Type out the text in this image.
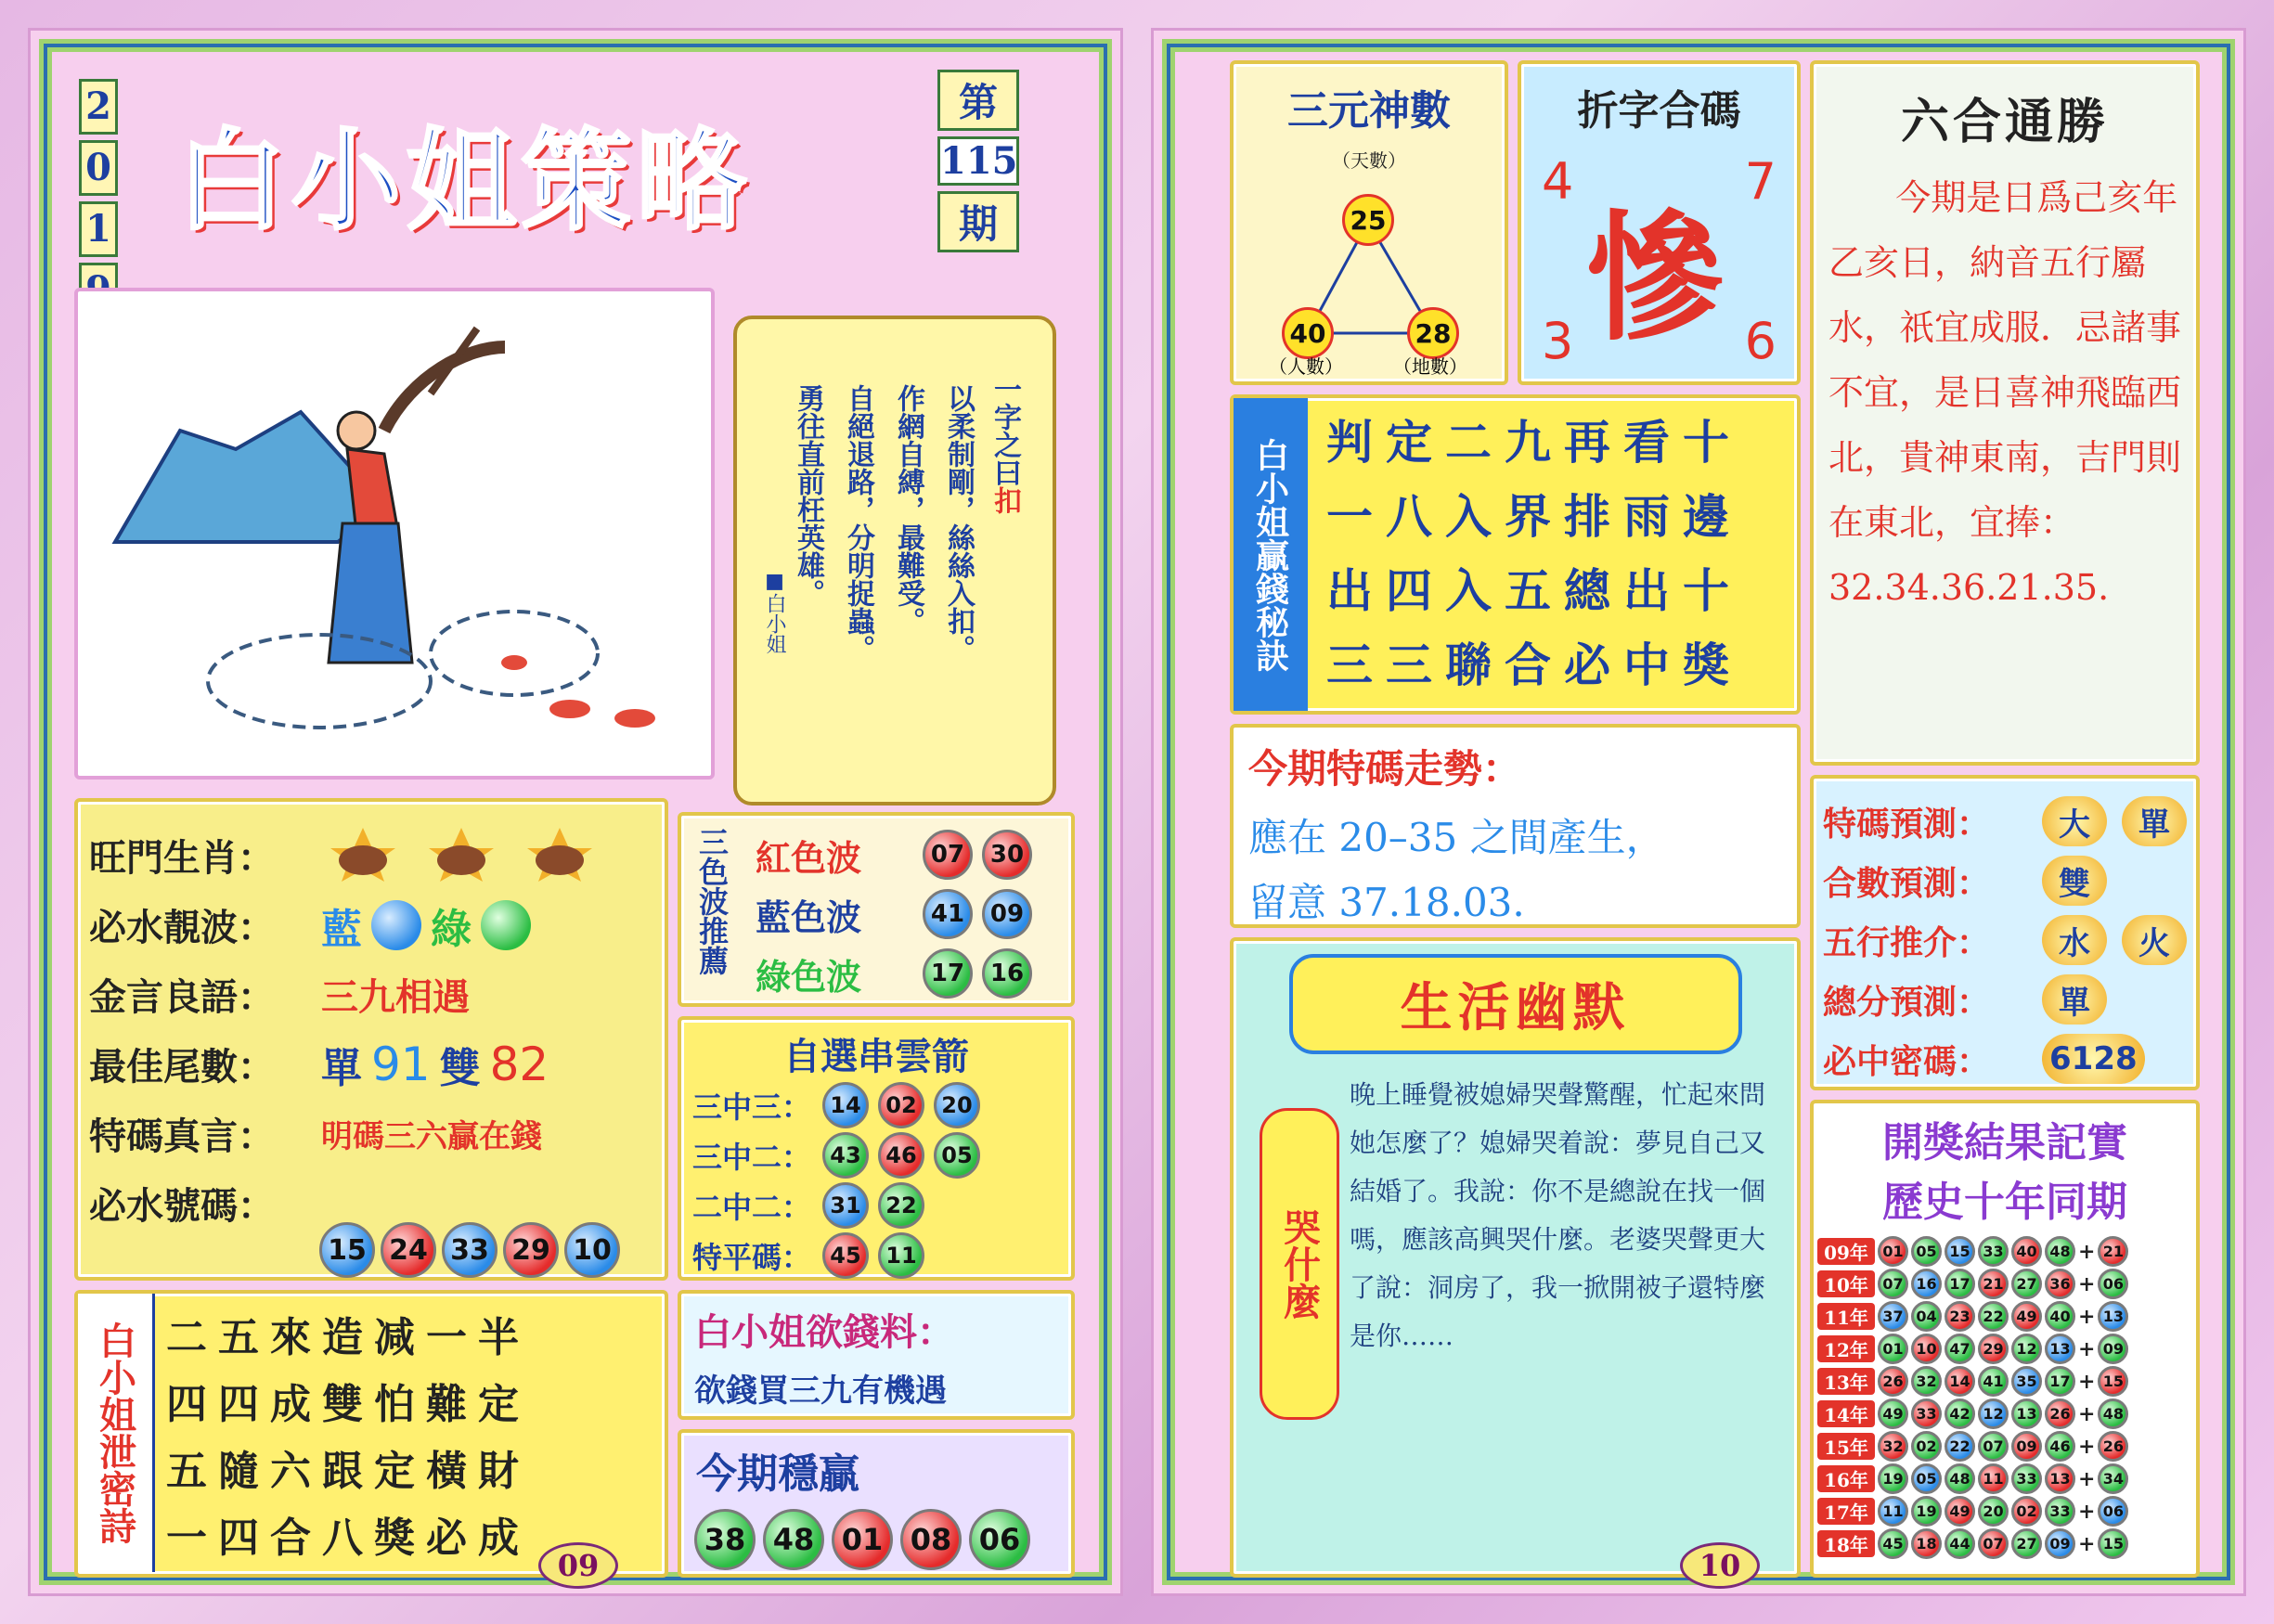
2
0
1 白小姐策略
第
115
期
一字之曰扣
以柔制剛，絲絲入扣。
作網自縛，最難受。
自絕退路，分明捉蟲。
勇往直前枉英雄。
■白小姐
旺門生肖：
必水靚波：	藍 綠
金言良語：	三九相遇
最佳尾數：	單 91 雙 82
特碼真言：	明碼三六贏在錢
必水號碼：
15 24 33 29 10
三色波推薦 紅色波	07	30
藍色波	41	09
綠色波	17	16
自選串雲箭
三中三： 14	02	20
三中二： 43	46	05
二中二： 31	22
特平碼： 45	11
白小姐泄密詩 二五來造减一半
四四成雙怕難定
五隨六跟定橫財
一四合八獎必成
白小姐欲錢料：
欲錢買三九有機遇
今期穩贏
38 48 01 08 06
09
三元神數
（天數）
25
40	28
（人數）	（地數）
折字合碼
慘
4	7
3	6
六合通勝
今期是日爲己亥年乙亥日，納音五行屬水，祇宜成服．忌諸事不宜，是日喜神飛臨西北，貴神東南，吉門則在東北，宜捧：32.34.36.21.35.
白小姐贏錢秘訣 判定二九再看十
一八入界排雨邊
出四入五總出十
三三聯合必中獎
今期特碼走勢：
應在 20–35 之間產生，
留意 37.18.03.
生活幽默
哭什麼
晚上睡覺被媳婦哭聲驚醒，忙起來問她怎麼了？媳婦哭着說：夢見自己又結婚了。我說：你不是總說在找一個嗎，應該高興哭什麼。老婆哭聲更大了說：洞房了，我一掀開被子還特麼是你……
特碼預測：	大	單
合數預測：	雙
五行推介：	水	火
總分預測：	單
必中密碼：	6128
開獎結果記實
歷史十年同期
09年 01 05 15 33 40 48 + 21
10年 07 16 17 21 27 36 + 06
11年 37 04 23 22 49 40 + 13
12年 01 10 47 29 12 13 + 09
13年 26 32 14 41 35 17 + 15
14年 49 33 42 12 13 26 + 48
15年 32 02 22 07 09 46 + 26
16年 19 05 48 11 33 13 + 34
17年 11 19 49 20 02 33 + 06
18年 45 18 44 07 27 09 + 15
10
